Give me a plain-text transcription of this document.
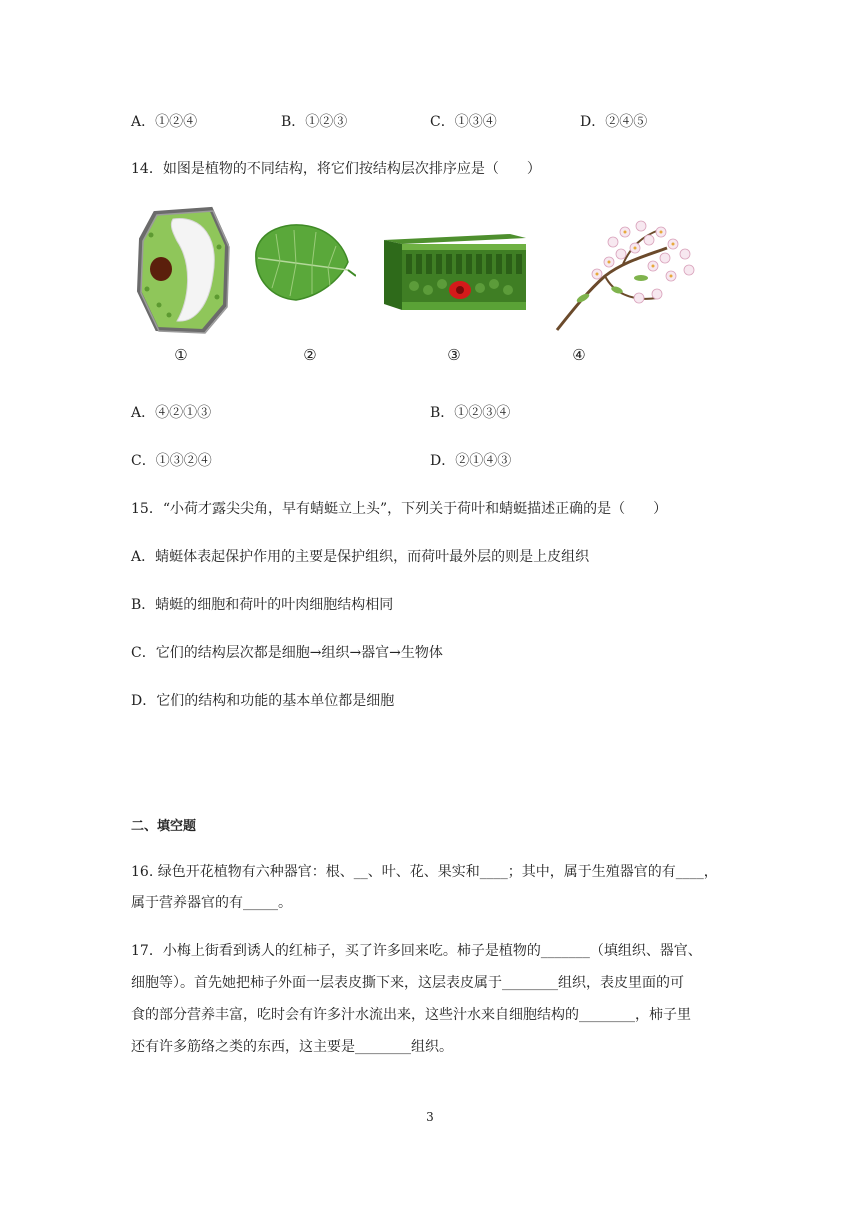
A．①②④	B．①②③	C．①③④	D．②④⑤
14．如图是植物的不同结构，将它们按结构层次排序应是（　　）
①	②	③	④
A．④②①③	B．①②③④
C．①③②④	D．②①④③
15．“小荷才露尖尖角，早有蜻蜓立上头”，下列关于荷叶和蜻蜓描述正确的是（　　）
A．蜻蜓体表起保护作用的主要是保护组织，而荷叶最外层的则是上皮组织
B．蜻蜓的细胞和荷叶的叶肉细胞结构相同
C．它们的结构层次都是细胞→组织→器官→生物体
D．它们的结构和功能的基本单位都是细胞
二、填空题
16. 绿色开花植物有六种器官：根、__、叶、花、果实和____；其中，属于生殖器官的有____，
属于营养器官的有_____。
17．小梅上街看到诱人的红柿子，买了许多回来吃。柿子是植物的_______（填组织、器官、
细胞等）。首先她把柿子外面一层表皮撕下来，这层表皮属于________组织，表皮里面的可
食的部分营养丰富，吃时会有许多汁水流出来，这些汁水来自细胞结构的________，柿子里
还有许多筋络之类的东西，这主要是________组织。
3
